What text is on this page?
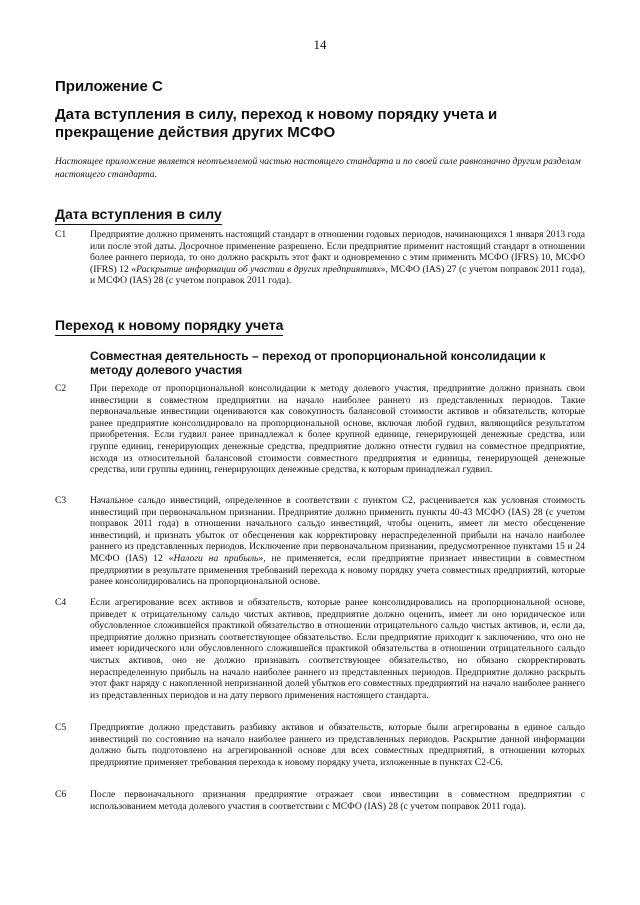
14
Приложение С
Дата вступления в силу, переход к новому порядку учета и прекращение действия других МСФО

Настоящее приложение является неотъемлемой частью настоящего стандарта и по своей силе равнозначно другим разделам настоящего стандарта.

Дата вступления в силу
C1	Предприятие должно применять настоящий стандарт в отношении годовых периодов, начинающихся 1 января 2013 года или после этой даты. Досрочное применение разрешено. Если предприятие применит настоящий стандарт в отношении более раннего периода, то оно должно раскрыть этот факт и одновременно с этим применить МСФО (IFRS) 10, МСФО (IFRS) 12 «Раскрытие информации об участии в других предприятиях», МСФО (IAS) 27 (с учетом поправок 2011 года), и МСФО (IAS) 28 (с учетом поправок 2011 года).
Переход к новому порядку учета
Совместная деятельность – переход от пропорциональной консолидации к методу долевого участия
C2	При переходе от пропорциональной консолидации к методу долевого участия, предприятие должно признать свои инвестиции в совместном предприятии на начало наиболее раннего из представленных периодов. Такие первоначальные инвестиции оцениваются как совокупность балансовой стоимости активов и обязательств, которые ранее предприятие консолидировало на пропорциональной основе, включая любой гудвил, являющийся результатом приобретения. Если гудвил ранее принадлежал к более крупной единице, генерирующей денежные средства, или группе единиц, генерирующих денежные средства, предприятие должно отнести гудвил на совместное предприятие, исходя из относительной балансовой стоимости совместного предприятия и единицы, генерирующей денежные средства, или группы единиц, генерирующих денежные средства, к которым принадлежал гудвил.
C3	Начальное сальдо инвестиций, определенное в соответствии с пунктом C2, расценивается как условная стоимость инвестиций при первоначальном признании. Предприятие должно применить пункты 40-43 МСФО (IAS) 28 (с учетом поправок 2011 года) в отношении начального сальдо инвестиций, чтобы оценить, имеет ли место обесценение инвестиций, и признать убыток от обесценения как корректировку нераспределенной прибыли на начало наиболее раннего из представленных периодов. Исключение при первоначальном признании, предусмотренное пунктами 15 и 24 МСФО (IAS) 12 «Налоги на прибыль», не применяется, если предприятие признает инвестиции в совместном предприятии в результате применения требований перехода к новому порядку учета совместных предприятий, которые ранее консолидировались на пропорциональной основе.
C4	Если агрегирование всех активов и обязательств, которые ранее консолидировались на пропорциональной основе, приведет к отрицательному сальдо чистых активов, предприятие должно оценить, имеет ли оно юридическое или обусловленное сложившейся практикой обязательство в отношении отрицательного сальдо чистых активов, и, если да, предприятие должно признать соответствующее обязательство. Если предприятие приходит к заключению, что оно не имеет юридического или обусловленного сложившейся практикой обязательства в отношении отрицательного сальдо чистых активов, оно не должно признавать соответствующее обязательство, но обязано скорректировать нераспределенную прибыль на начало наиболее раннего из представленных периодов. Предприятие должно раскрыть этот факт наряду с накопленной непризнанной долей убытков его совместных предприятий на начало наиболее раннего из представленных периодов и на дату первого применения настоящего стандарта.
C5	Предприятие должно представить разбивку активов и обязательств, которые были агрегированы в единое сальдо инвестиций по состоянию на начало наиболее раннего из представленных периодов. Раскрытие данной информации должно быть подготовлено на агрегированной основе для всех совместных предприятий, в отношении которых предприятие применяет требования перехода к новому порядку учета, изложенные в пунктах C2-C6.
C6	После первоначального признания предприятие отражает свои инвестиции в совместном предприятии с использованием метода долевого участия в соответствии с МСФО (IAS) 28 (с учетом поправок 2011 года).
